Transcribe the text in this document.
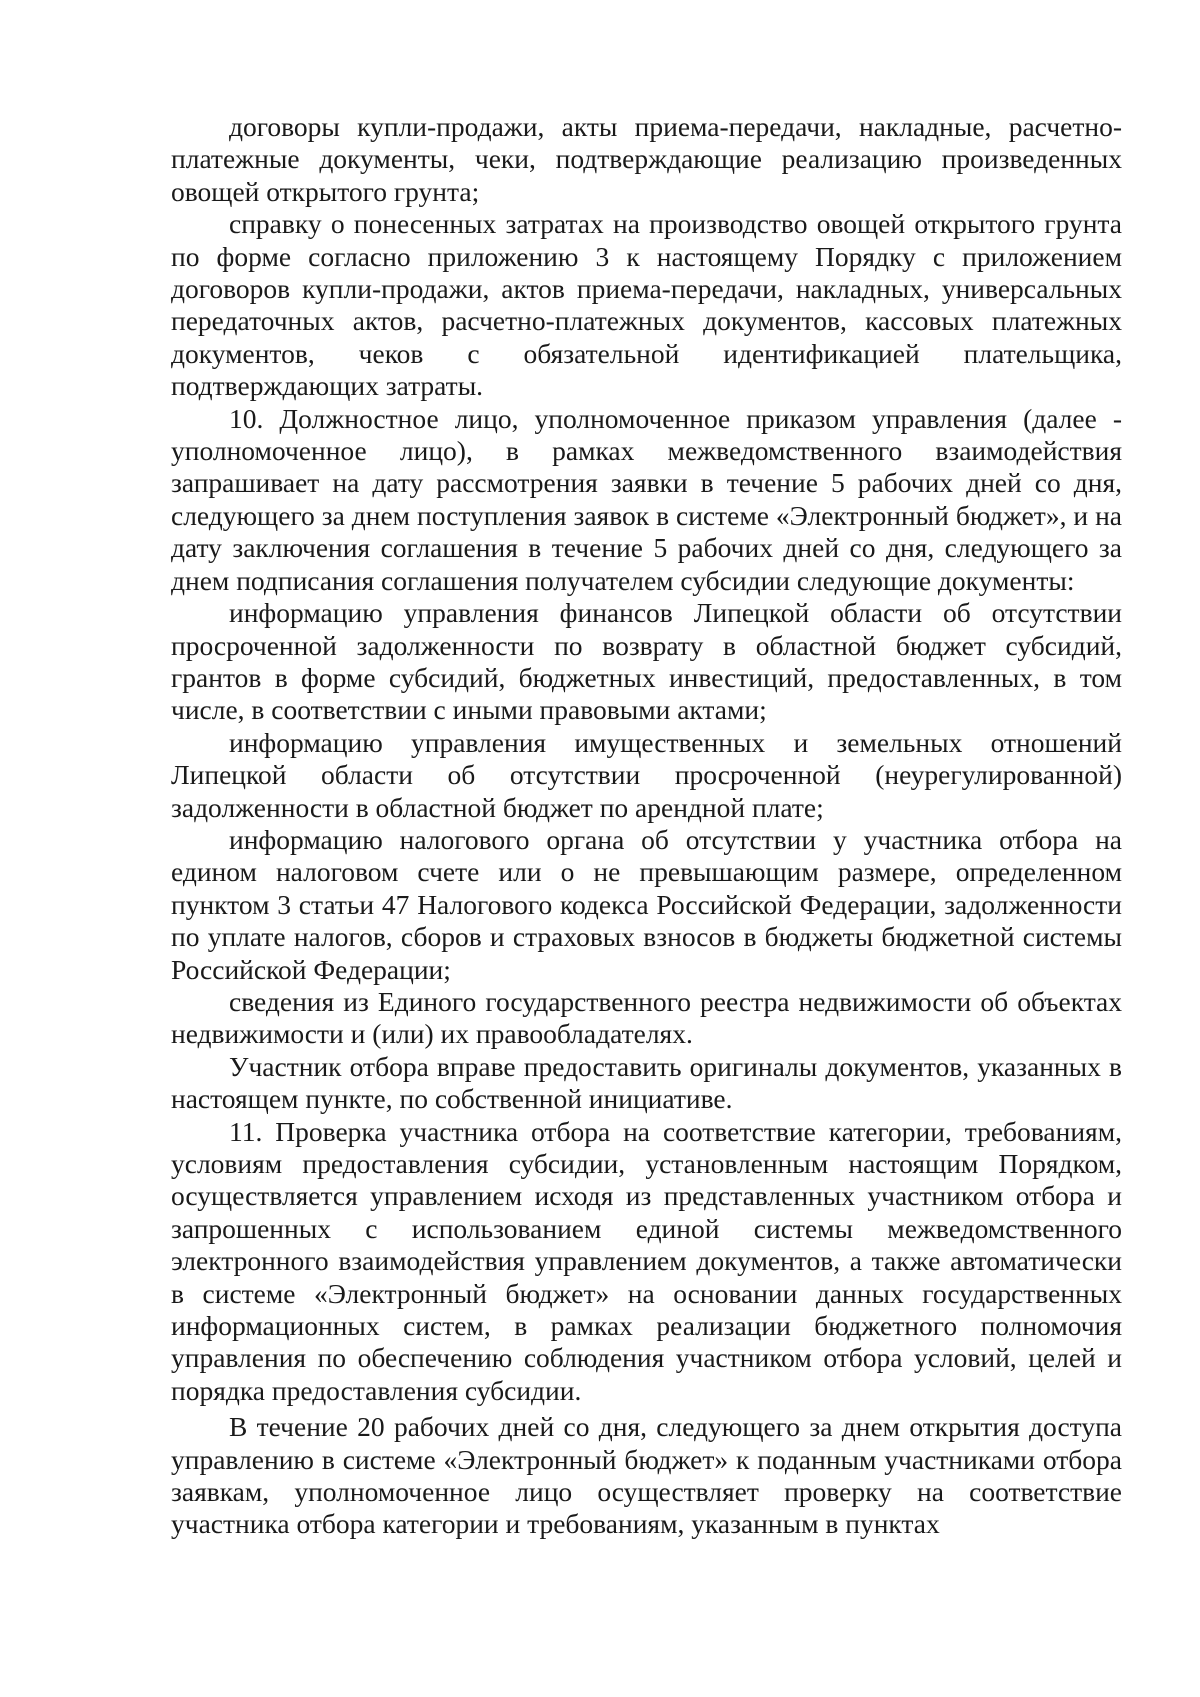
договоры купли-продажи, акты приема-передачи, накладные, расчетно-платежные документы, чеки, подтверждающие реализацию произведенных овощей открытого грунта;

справку о понесенных затратах на производство овощей открытого грунта по форме согласно приложению 3 к настоящему Порядку с приложением договоров купли-продажи, актов приема-передачи, накладных, универсальных передаточных актов, расчетно-платежных документов, кассовых платежных документов, чеков с обязательной идентификацией плательщика, подтверждающих затраты.

10. Должностное лицо, уполномоченное приказом управления (далее - уполномоченное лицо), в рамках межведомственного взаимодействия запрашивает на дату рассмотрения заявки в течение 5 рабочих дней со дня, следующего за днем поступления заявок в системе «Электронный бюджет», и на дату заключения соглашения в течение 5 рабочих дней со дня, следующего за днем подписания соглашения получателем субсидии следующие документы:

информацию управления финансов Липецкой области об отсутствии просроченной задолженности по возврату в областной бюджет субсидий, грантов в форме субсидий, бюджетных инвестиций, предоставленных, в том числе, в соответствии с иными правовыми актами;

информацию управления имущественных и земельных отношений Липецкой области об отсутствии просроченной (неурегулированной) задолженности в областной бюджет по арендной плате;

информацию налогового органа об отсутствии у участника отбора на едином налоговом счете или о не превышающим размере, определенном пунктом 3 статьи 47 Налогового кодекса Российской Федерации, задолженности по уплате налогов, сборов и страховых взносов в бюджеты бюджетной системы Российской Федерации;

сведения из Единого государственного реестра недвижимости об объектах недвижимости и (или) их правообладателях.

Участник отбора вправе предоставить оригиналы документов, указанных в настоящем пункте, по собственной инициативе.

11. Проверка участника отбора на соответствие категории, требованиям, условиям предоставления субсидии, установленным настоящим Порядком, осуществляется управлением исходя из представленных участником отбора и запрошенных с использованием единой системы межведомственного электронного взаимодействия управлением документов, а также автоматически в системе «Электронный бюджет» на основании данных государственных информационных систем, в рамках реализации бюджетного полномочия управления по обеспечению соблюдения участником отбора условий, целей и порядка предоставления субсидии.

В течение 20 рабочих дней со дня, следующего за днем открытия доступа управлению в системе «Электронный бюджет» к поданным участниками отбора заявкам, уполномоченное лицо осуществляет проверку на соответствие участника отбора категории и требованиям, указанным в пунктах
